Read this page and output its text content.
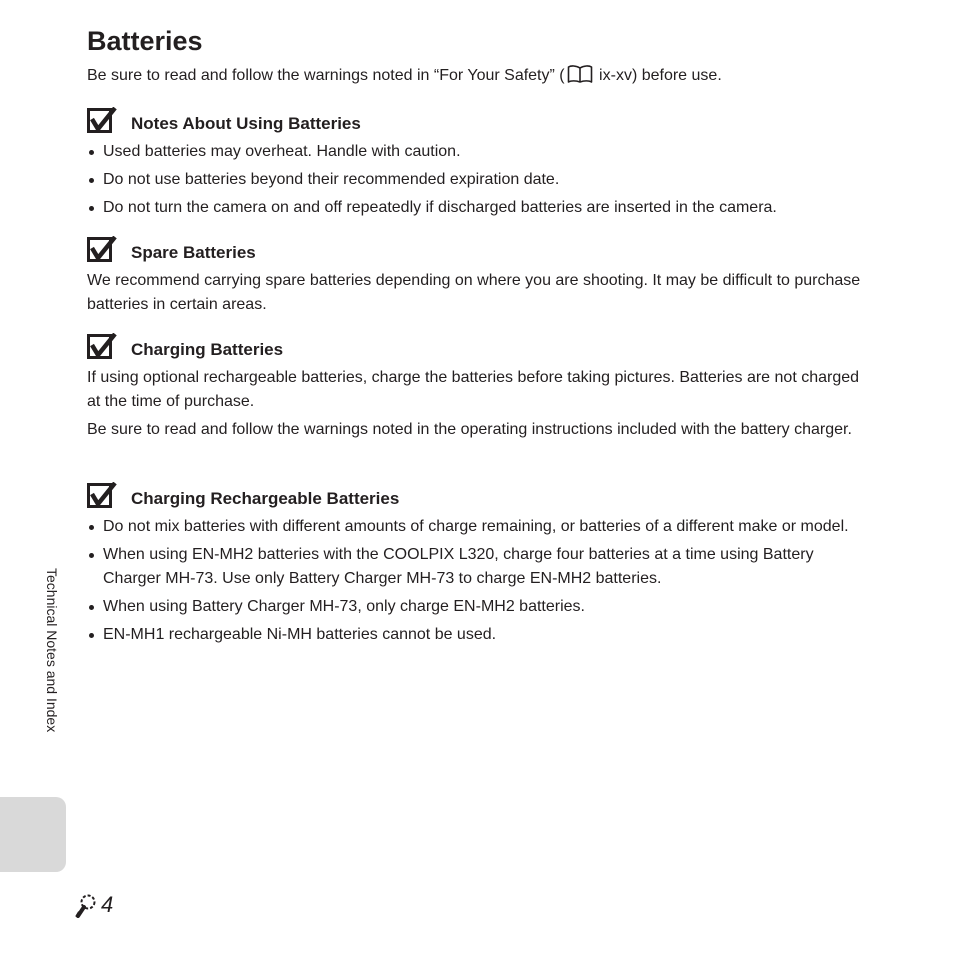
Batteries

Be sure to read and follow the warnings noted in “For Your Safety” ( ix-xv) before use.

Notes About Using Batteries
Used batteries may overheat. Handle with caution.
Do not use batteries beyond their recommended expiration date.
Do not turn the camera on and off repeatedly if discharged batteries are inserted in the camera.
Spare Batteries

We recommend carrying spare batteries depending on where you are shooting. It may be difficult to purchase batteries in certain areas.

Charging Batteries

If using optional rechargeable batteries, charge the batteries before taking pictures. Batteries are not charged at the time of purchase.

Be sure to read and follow the warnings noted in the operating instructions included with the battery charger.

Charging Rechargeable Batteries
Do not mix batteries with different amounts of charge remaining, or batteries of a different make or model.
When using EN-MH2 batteries with the COOLPIX L320, charge four batteries at a time using Battery Charger MH-73. Use only Battery Charger MH-73 to charge EN-MH2 batteries.
When using Battery Charger MH-73, only charge EN-MH2 batteries.
EN-MH1 rechargeable Ni-MH batteries cannot be used.
Technical Notes and Index
4
